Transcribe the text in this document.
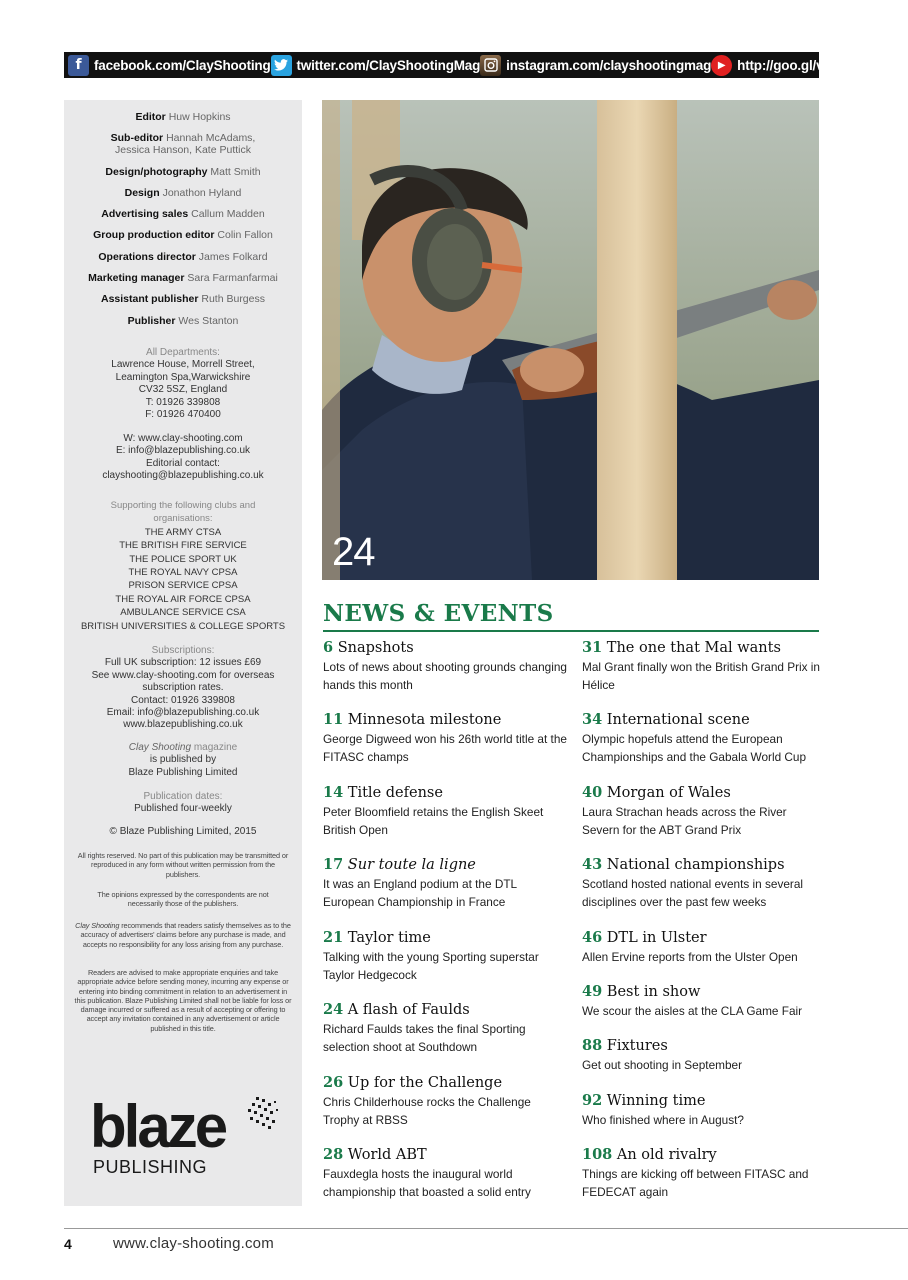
f facebook.com/ClayShooting twitter.com/ClayShootingMag instagram.com/clayshootingmag ▶ http://goo.gl/vxKYKJ
Editor Huw Hopkins
Sub-editor Hannah McAdams, Jessica Hanson, Kate Puttick
Design/photography Matt Smith
Design Jonathon Hyland
Advertising sales Callum Madden
Group production editor Colin Fallon
Operations director James Folkard
Marketing manager Sara Farmanfarmai
Assistant publisher Ruth Burgess
Publisher Wes Stanton
All Departments:
Lawrence House, Morrell Street,
Leamington Spa,Warwickshire
CV32 5SZ, England
T: 01926 339808
F: 01926 470400
W: www.clay-shooting.com
E: info@blazepublishing.co.uk
Editorial contact:
clayshooting@blazepublishing.co.uk
Supporting the following clubs and organisations:
THE ARMY CTSA
THE BRITISH FIRE SERVICE
THE POLICE SPORT UK
THE ROYAL NAVY CPSA
PRISON SERVICE CPSA
THE ROYAL AIR FORCE CPSA
AMBULANCE SERVICE CSA
BRITISH UNIVERSITIES & COLLEGE SPORTS
Subscriptions:
Full UK subscription: 12 issues £69
See www.clay-shooting.com for overseas
subscription rates.
Contact: 01926 339808
Email: info@blazepublishing.co.uk
www.blazepublishing.co.uk
Clay Shooting magazine
is published by
Blaze Publishing Limited
Publication dates:
Published four-weekly
© Blaze Publishing Limited, 2015
All rights reserved. No part of this publication may be transmitted or reproduced in any form without written permission from the publishers.
The opinions expressed by the correspondents are not necessarily those of the publishers.
Clay Shooting recommends that readers satisfy themselves as to the accuracy of advertisers' claims before any purchase is made, and accepts no responsibility for any loss arising from any purchase.
Readers are advised to make appropriate enquiries and take appropriate advice before sending money, incurring any expense or entering into binding commitment in relation to an advertisement in this publication. Blaze Publishing Limited shall not be liable for loss or damage incurred or suffered as a result of accepting or offering to accept any invitation contained in any advertisement or article published in this title.
blaze
PUBLISHING
24
NEWS & EVENTS
6 Snapshots
Lots of news about shooting grounds changing hands this month
11 Minnesota milestone
George Digweed won his 26th world title at the FITASC champs
14 Title defense
Peter Bloomfield retains the English Skeet British Open
17 Sur toute la ligne
It was an England podium at the DTL European Championship in France
21 Taylor time
Talking with the young Sporting superstar Taylor Hedgecock
24 A flash of Faulds
Richard Faulds takes the final Sporting selection shoot at Southdown
26 Up for the Challenge
Chris Childerhouse rocks the Challenge Trophy at RBSS
28 World ABT
Fauxdegla hosts the inaugural world championship that boasted a solid entry
31 The one that Mal wants
Mal Grant finally won the British Grand Prix in Hélice
34 International scene
Olympic hopefuls attend the European Championships and the Gabala World Cup
40 Morgan of Wales
Laura Strachan heads across the River Severn for the ABT Grand Prix
43 National championships
Scotland hosted national events in several disciplines over the past few weeks
46 DTL in Ulster
Allen Ervine reports from the Ulster Open
49 Best in show
We scour the aisles at the CLA Game Fair
88 Fixtures
Get out shooting in September
92 Winning time
Who finished where in August?
108 An old rivalry
Things are kicking off between FITASC and FEDECAT again
4	www.clay-shooting.com
